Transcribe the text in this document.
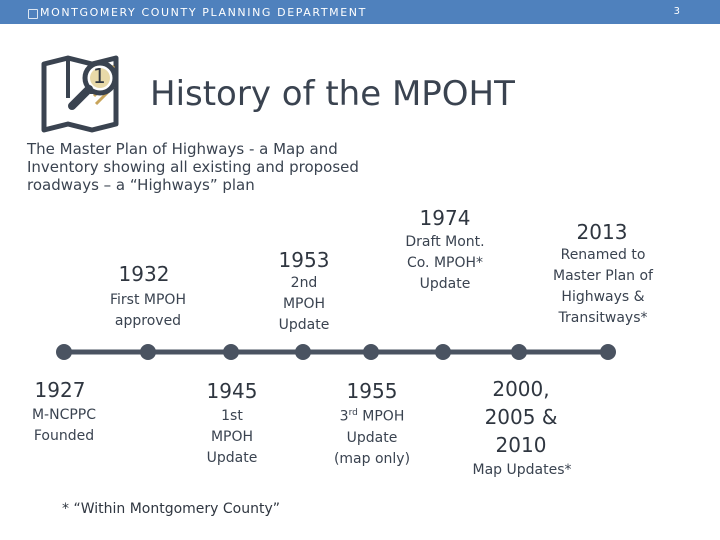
MONTGOMERY COUNTY PLANNING DEPARTMENT	3
1 History of the MPOHT
The Master Plan of Highways - a Map and Inventory showing all existing and proposed roadways – a “Highways” plan
1927
M-NCPPC Founded
1932
First MPOH approved
1945
1st MPOH Update
1953
2nd MPOH Update
1955
3rd MPOH Update (map only)
1974
Draft Mont. Co. MPOH* Update
2000, 2005 & 2010
Map Updates*
2013
Renamed to Master Plan of Highways & Transitways*
* “Within Montgomery County”
